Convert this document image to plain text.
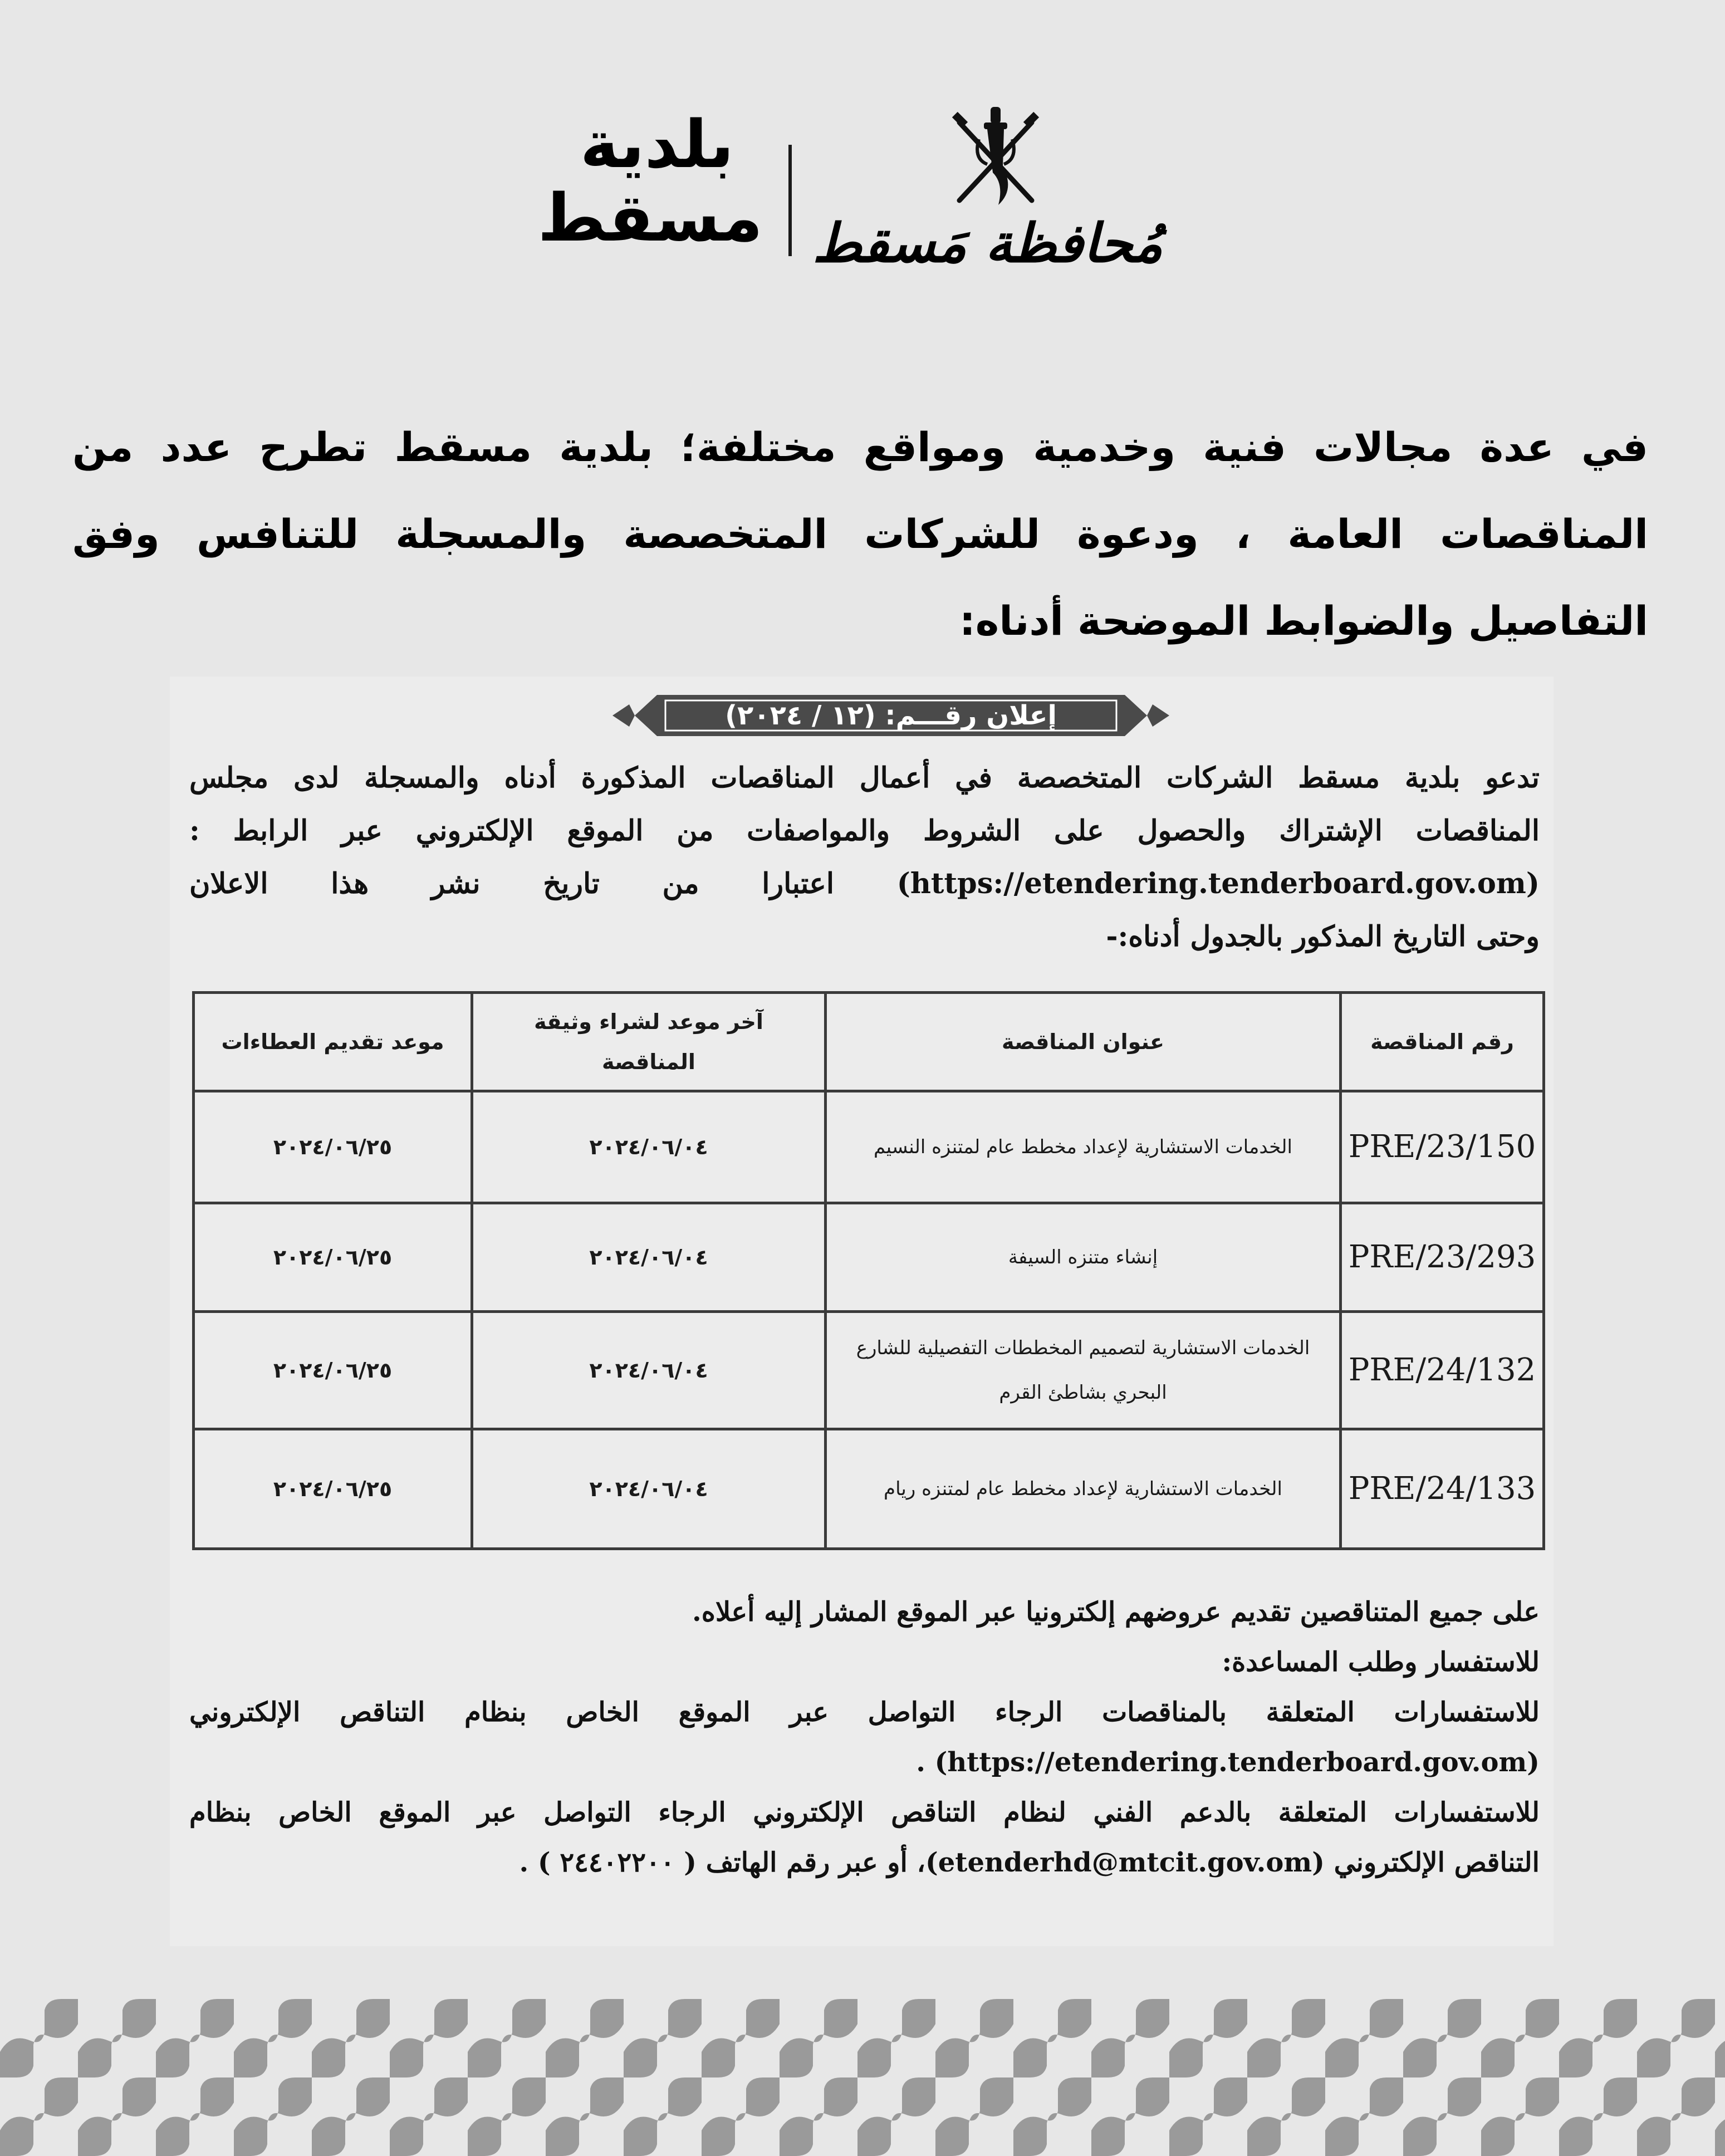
مُحافظة مَسقط
بلدية
مسقط
في عدة مجالات فنية وخدمية ومواقع مختلفة؛ بلدية مسقط تطرح عدد من المناقصات العامة ، ودعوة للشركات المتخصصة والمسجلة للتنافس وفق التفاصيل والضوابط الموضحة أدناه:
إعلان رقـــم: (١٢ / ٢٠٢٤)
تدعو بلدية مسقط الشركات المتخصصة في أعمال المناقصات المذكورة أدناه والمسجلة لدى مجلس
المناقصات الإشتراك والحصول على الشروط والمواصفات من الموقع الإلكتروني عبر الرابط :
(https://etendering.tenderboard.gov.om) اعتبارا من تاريخ نشر هذا الاعلان
وحتى التاريخ المذكور بالجدول أدناه:-
رقم المناقصة	عنوان المناقصة	آخر موعد لشراء وثيقة المناقصة	موعد تقديم العطاءات
PRE/23/150	الخدمات الاستشارية لإعداد مخطط عام لمتنزه النسيم	٢٠٢٤/٠٦/٠٤	٢٠٢٤/٠٦/٢٥
PRE/23/293	إنشاء متنزه السيفة	٢٠٢٤/٠٦/٠٤	٢٠٢٤/٠٦/٢٥
PRE/24/132	الخدمات الاستشارية لتصميم المخططات التفصيلية للشارع البحري بشاطئ القرم	٢٠٢٤/٠٦/٠٤	٢٠٢٤/٠٦/٢٥
PRE/24/133	الخدمات الاستشارية لإعداد مخطط عام لمتنزه ريام	٢٠٢٤/٠٦/٠٤	٢٠٢٤/٠٦/٢٥
على جميع المتناقصين تقديم عروضهم إلكترونيا عبر الموقع المشار إليه أعلاه.
للاستفسار وطلب المساعدة:
للاستفسارات المتعلقة بالمناقصات الرجاء التواصل عبر الموقع الخاص بنظام التناقص الإلكتروني
(https://etendering.tenderboard.gov.om) .
للاستفسارات المتعلقة بالدعم الفني لنظام التناقص الإلكتروني الرجاء التواصل عبر الموقع الخاص بنظام
التناقص الإلكتروني (etenderhd@mtcit.gov.om)، أو عبر رقم الهاتف ( ٢٤٤٠٢٢٠٠ ) .
